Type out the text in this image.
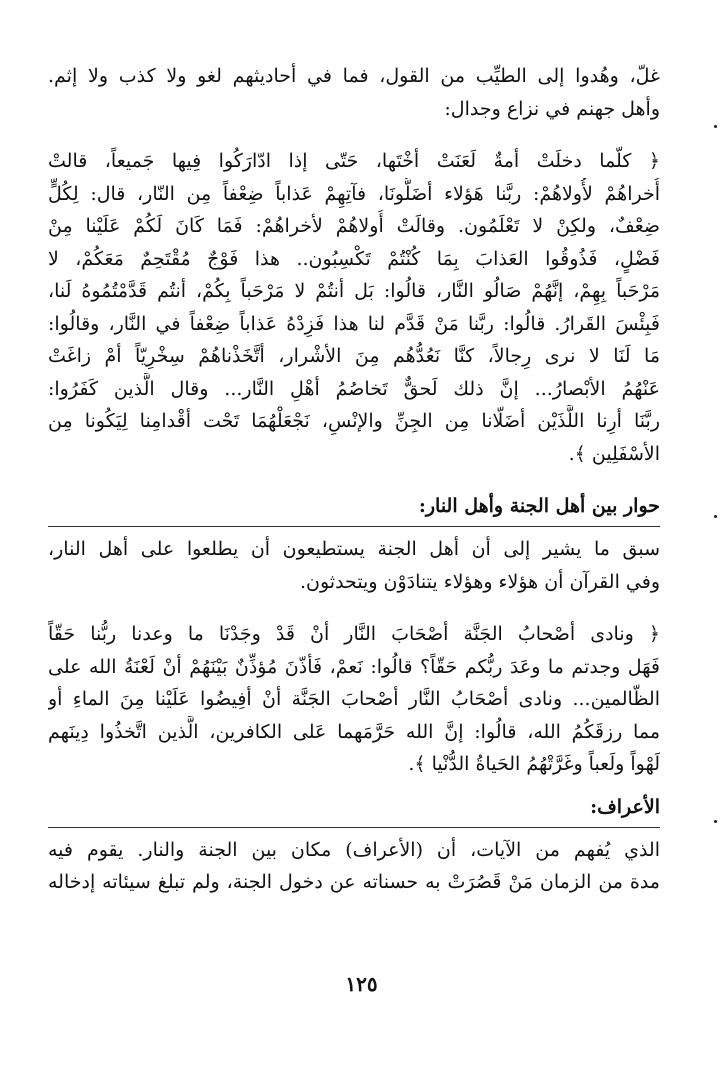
غلّ، وهُدوا إلى الطيِّب من القول، فما في أحاديثهم لغو ولا كذب ولا إثم.
وأهل جهنم في نزاع وجدال:
﴿ كلّما دخلَتْ أمةٌ لَعَنَتْ أخْتَها، حَتّى إذا ادّارَكُوا فِيها جَميعاً، قالتْ
أُخراهُمْ لأُولاهُمْ: ربَّنا هَؤلاء أضَلُّونَا، فآتِهِمْ عَذاباً ضِعْفاً مِن النّار، قال: لِكُلٍّ
ضِعْفٌ، ولكِنْ لا تَعْلَمُون. وقالَتْ أُولاهُمْ لأخراهُمْ: فَمَا كَانَ لَكُمْ عَلَيْنا مِنْ
فَضْلٍ، فَذُوقُوا العَذابَ بِمَا كُنْتُمْ تَكْسِبُون.. هذا فَوْجٌ مُقْتَحِمٌ مَعَكُمْ، لا
مَرْحَباً بِهِمْ، إنَّهُمْ صَالُو النَّار، قالُوا: بَل أنتُمْ لا مَرْحَباً بِكُمْ، أنتُم قَدَّمْتُمُوهُ لَنا،
فَبِئْسَ القَرارُ. قالُوا: ربَّنا مَنْ قَدَّم لنا هذا فَزِدْهُ عَذاباً ضِعْفاً في النَّار، وقالُوا:
مَا لَنَا لا نرى رِجالاً، كنَّا نَعُدُّهُم مِنَ الأشْرار، أتَّخَذْناهُمْ سِخْرِيّاً أمْ زاغَتْ
عَنْهُمُ الأبْصارُ... إنَّ ذلك لَحقٌّ تَخاصُمُ أهْلِ النَّار... وقال الَّذين كَفَرُوا:
ربَّنَا أرِنا اللَّذَيْن أضَلّانا مِن الجِنِّ والإنْسِ، نَجْعَلْهُمَا تَحْت أقْدامِنا لِيَكُونا مِن
الأسْفَلِين ﴾.
حوار بين أهل الجنة وأهل النار:
سبق ما يشير إلى أن أهل الجنة يستطيعون أن يطلعوا على أهل النار،
وفي القرآن أن هؤلاء وهؤلاء يتنادَوْن ويتحدثون.
﴿ ونادى أصْحابُ الجَنَّة أصْحَابَ النَّار أنْ قَدْ وجَدْنَا ما وعدنا ربُّنا حَقّاً
فَهَل وجدتم ما وعَدَ ربُّكم حَقّاً؟ قالُوا: نَعمْ، فَأذّنَ مُؤذِّنٌ بَيْنَهُمْ أنْ لَعْنَةُ الله على
الظّالمين... ونادى أصْحَابُ النَّار أصْحابَ الجَنَّة أنْ أفِيضُوا عَلَيْنا مِنَ الماءِ أو
مما رزقَكُمُ الله، قالُوا: إنَّ الله حَرَّمَهما عَلى الكافرين، الَّذين اتَّخذُوا دِينَهم
لَهْواً ولَعباً وغَرَّتْهُمُ الحَياةُ الدُّنْيا ﴾.
الأعراف:
الذي يُفهم من الآيات، أن (الأعراف) مكان بين الجنة والنار. يقوم فيه
مدة من الزمان مَنْ قَصُرَتْ به حسناته عن دخول الجنة، ولم تبلغ سيئاته إدخاله
١٢٥
